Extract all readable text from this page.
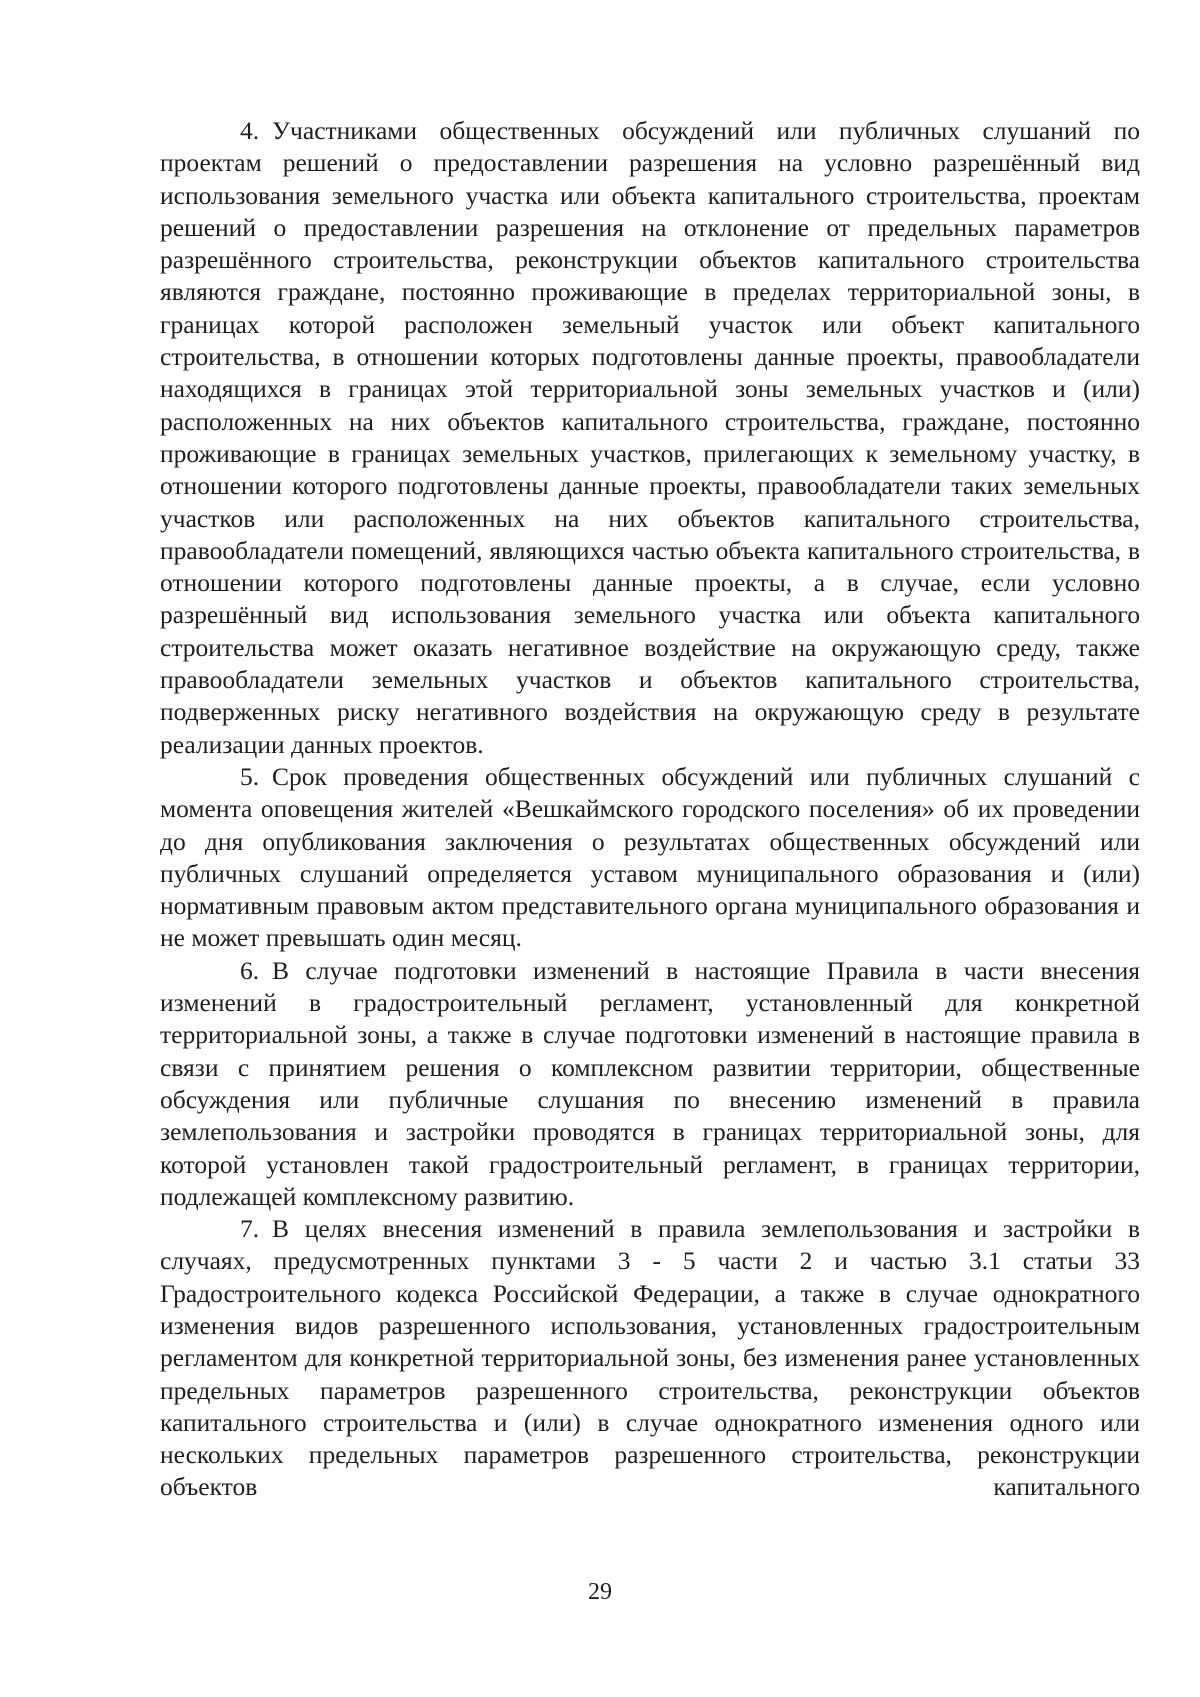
4. Участниками общественных обсуждений или публичных слушаний по проектам решений о предоставлении разрешения на условно разрешённый вид использования земельного участка или объекта капитального строительства, проектам решений о предоставлении разрешения на отклонение от предельных параметров разрешённого строительства, реконструкции объектов капитального строительства являются граждане, постоянно проживающие в пределах территориальной зоны, в границах которой расположен земельный участок или объект капитального строительства, в отношении которых подготовлены данные проекты, правообладатели находящихся в границах этой территориальной зоны земельных участков и (или) расположенных на них объектов капитального строительства, граждане, постоянно проживающие в границах земельных участков, прилегающих к земельному участку, в отношении которого подготовлены данные проекты, правообладатели таких земельных участков или расположенных на них объектов капитального строительства, правообладатели помещений, являющихся частью объекта капитального строительства, в отношении которого подготовлены данные проекты, а в случае, если условно разрешённый вид использования земельного участка или объекта капитального строительства может оказать негативное воздействие на окружающую среду, также правообладатели земельных участков и объектов капитального строительства, подверженных риску негативного воздействия на окружающую среду в результате реализации данных проектов.

5. Срок проведения общественных обсуждений или публичных слушаний с момента оповещения жителей «Вешкаймского городского поселения» об их проведении до дня опубликования заключения о результатах общественных обсуждений или публичных слушаний определяется уставом муниципального образования и (или) нормативным правовым актом представительного органа муниципального образования и не может превышать один месяц.

6. В случае подготовки изменений в настоящие Правила в части внесения изменений в градостроительный регламент, установленный для конкретной территориальной зоны, а также в случае подготовки изменений в настоящие правила в связи с принятием решения о комплексном развитии территории, общественные обсуждения или публичные слушания по внесению изменений в правила землепользования и застройки проводятся в границах территориальной зоны, для которой установлен такой градостроительный регламент, в границах территории, подлежащей комплексному развитию.

7. В целях внесения изменений в правила землепользования и застройки в случаях, предусмотренных пунктами 3 - 5 части 2 и частью 3.1 статьи 33 Градостроительного кодекса Российской Федерации, а также в случае однократного изменения видов разрешенного использования, установленных градостроительным регламентом для конкретной территориальной зоны, без изменения ранее установленных предельных параметров разрешенного строительства, реконструкции объектов капитального строительства и (или) в случае однократного изменения одного или нескольких предельных параметров разрешенного строительства, реконструкции объектов капитального

29
